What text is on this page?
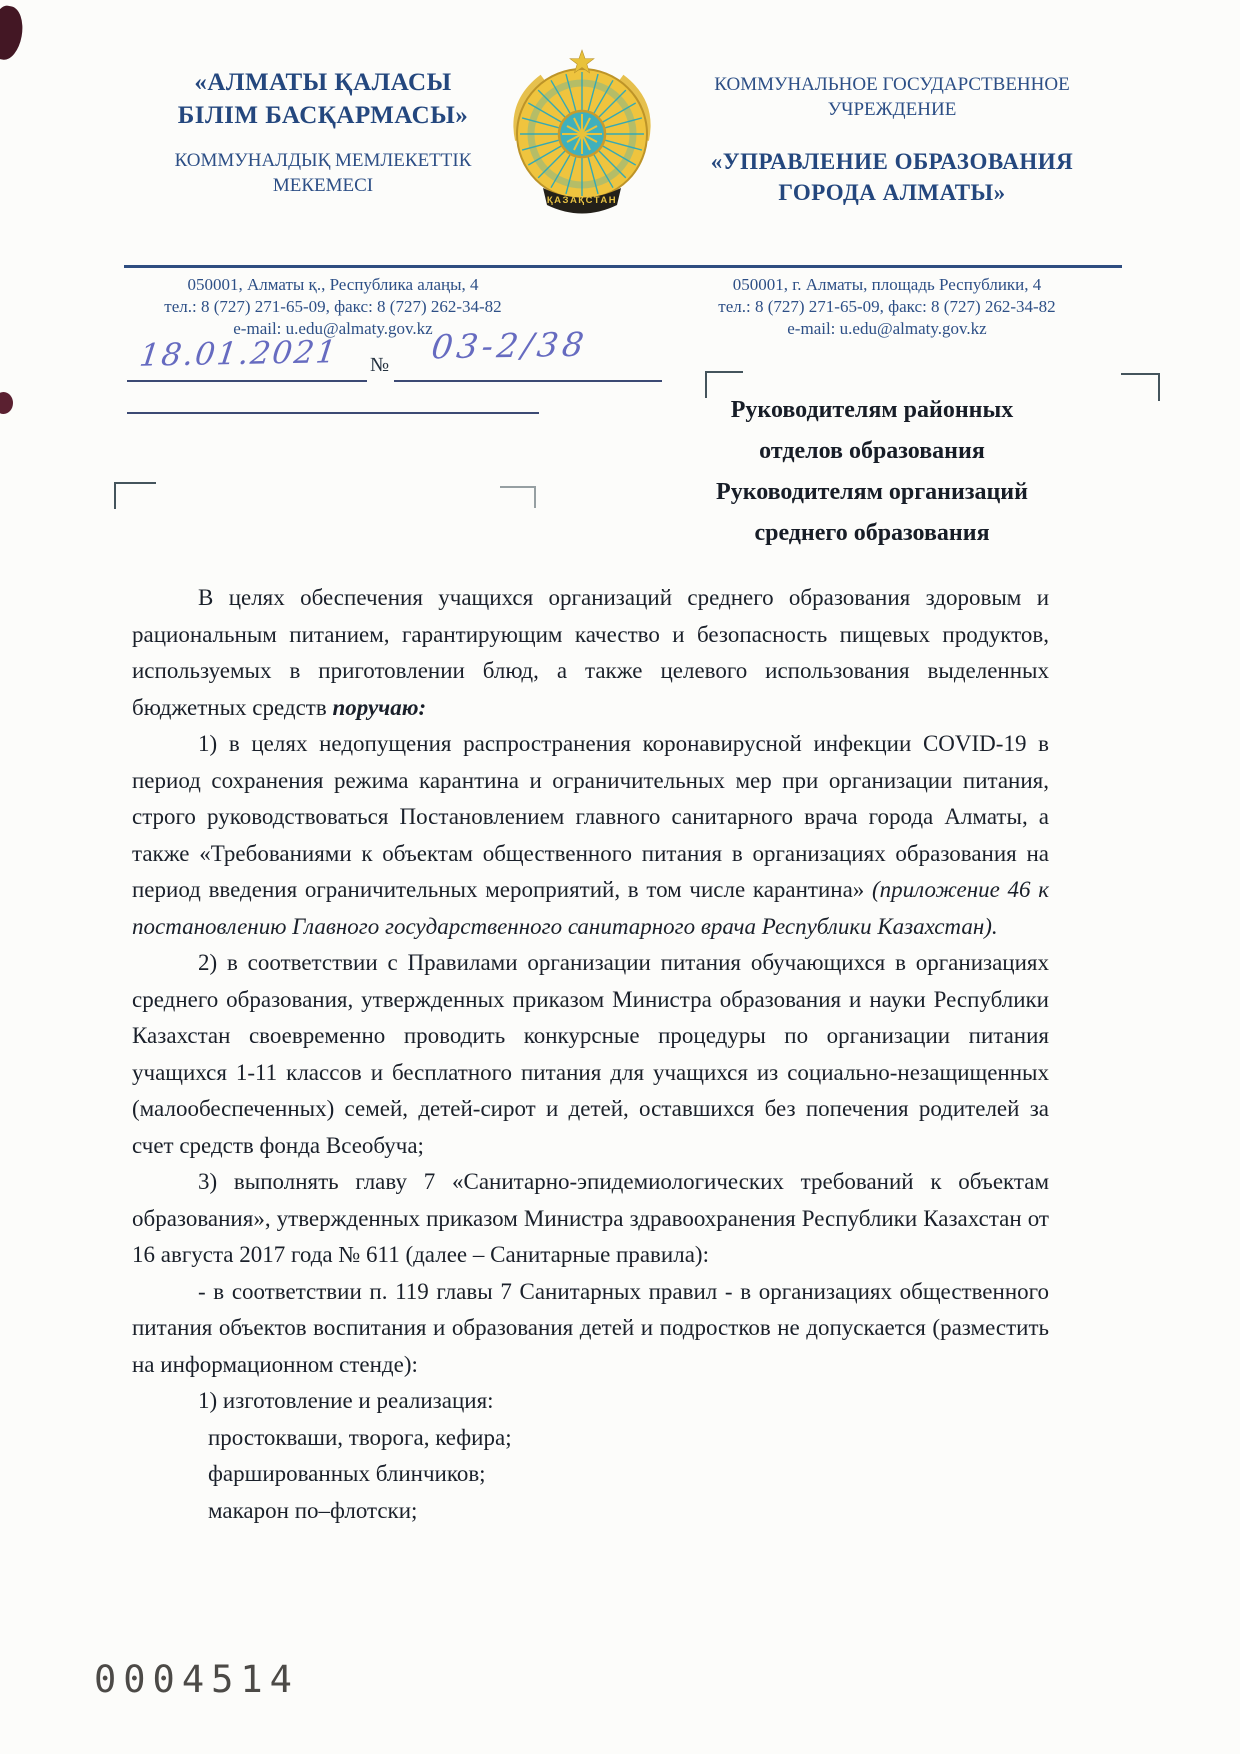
«АЛМАТЫ ҚАЛАСЫ
БІЛІМ БАСҚАРМАСЫ»
КОММУНАЛДЫҚ МЕМЛЕКЕТТІК
МЕКЕМЕСІ
ҚАЗАҚСТАН
КОММУНАЛЬНОЕ ГОСУДАРСТВЕННОЕ
УЧРЕЖДЕНИЕ
«УПРАВЛЕНИЕ ОБРАЗОВАНИЯ
ГОРОДА АЛМАТЫ»
050001, Алматы қ., Республика алаңы, 4
тел.: 8 (727) 271-65-09, факс: 8 (727) 262-34-82
e-mail: u.edu@almaty.gov.kz
050001, г. Алматы, площадь Республики, 4
тел.: 8 (727) 271-65-09, факс: 8 (727) 262-34-82
e-mail: u.edu@almaty.gov.kz
18.01.2021 № 03-2/38
Руководителям районных
отделов образования
Руководителям организаций
среднего образования

В целях обеспечения учащихся организаций среднего образования здоровым и рациональным питанием, гарантирующим качество и безопасность пищевых продуктов, используемых в приготовлении блюд, а также целевого использования выделенных бюджетных средств поручаю:

1) в целях недопущения распространения коронавирусной инфекции COVID-19 в период сохранения режима карантина и ограничительных мер при организации питания, строго руководствоваться Постановлением главного санитарного врача города Алматы, а также «Требованиями к объектам общественного питания в организациях образования на период введения ограничительных мероприятий, в том числе карантина» (приложение 46 к постановлению Главного государственного санитарного врача Республики Казахстан).

2) в соответствии с Правилами организации питания обучающихся в организациях среднего образования, утвержденных приказом Министра образования и науки Республики Казахстан своевременно проводить конкурсные процедуры по организации питания учащихся 1-11 классов и бесплатного питания для учащихся из социально-незащищенных (малообеспеченных) семей, детей-сирот и детей, оставшихся без попечения родителей за счет средств фонда Всеобуча;

3) выполнять главу 7 «Санитарно-эпидемиологических требований к объектам образования», утвержденных приказом Министра здравоохранения Республики Казахстан от 16 августа 2017 года № 611 (далее – Санитарные правила):

- в соответствии п. 119 главы 7 Санитарных правил - в организациях общественного питания объектов воспитания и образования детей и подростков не допускается (разместить на информационном стенде):

1) изготовление и реализация:

простокваши, творога, кефира;

фаршированных блинчиков;

макарон по–флотски;

0004514
